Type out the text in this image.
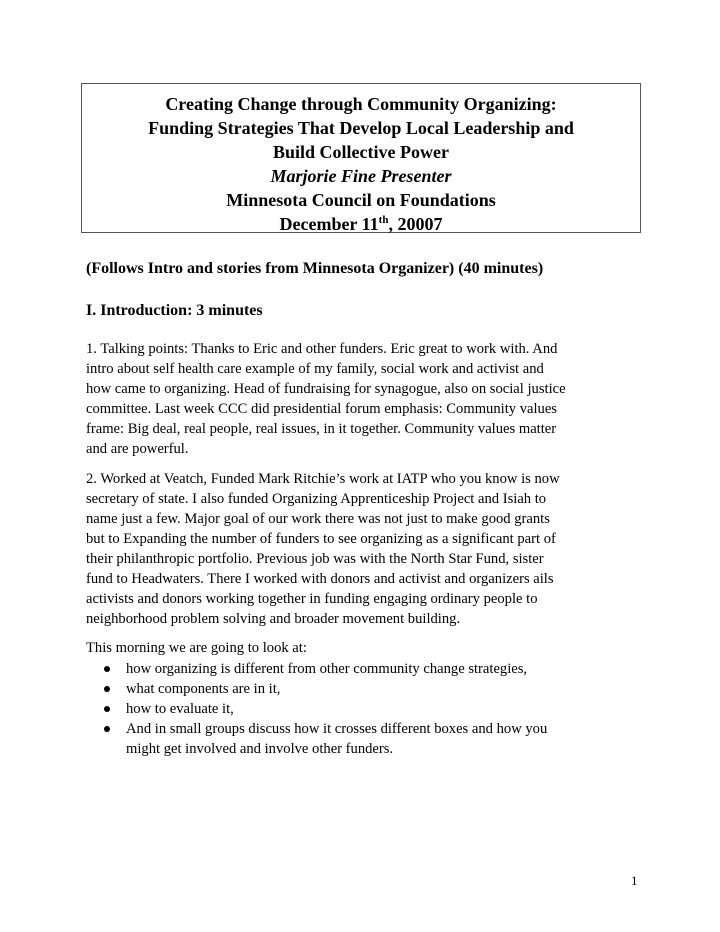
Creating Change through Community Organizing:
Funding Strategies That Develop Local Leadership and
Build Collective Power
Marjorie Fine Presenter
Minnesota Council on Foundations
December 11th, 20007
(Follows Intro and stories from Minnesota Organizer) (40 minutes)
I. Introduction: 3 minutes

1. Talking points: Thanks to Eric and other funders. Eric great to work with. And

intro about self health care example of my family, social work and activist and

how came to organizing. Head of fundraising for synagogue, also on social justice

committee. Last week CCC did presidential forum emphasis: Community values

frame: Big deal, real people, real issues, in it together. Community values matter

and are powerful.

2. Worked at Veatch, Funded Mark Ritchie’s work at IATP who you know is now

secretary of state. I also funded Organizing Apprenticeship Project and Isiah to

name just a few. Major goal of our work there was not just to make good grants

but to Expanding the number of funders to see organizing as a significant part of

their philanthropic portfolio. Previous job was with the North Star Fund, sister

fund to Headwaters. There I worked with donors and activist and organizers ails

activists and donors working together in funding engaging ordinary people to

neighborhood problem solving and broader movement building.

This morning we are going to look at:

how organizing is different from other community change strategies,
what components are in it,
how to evaluate it,
And in small groups discuss how it crosses different boxes and how you
might get involved and involve other funders.
1
